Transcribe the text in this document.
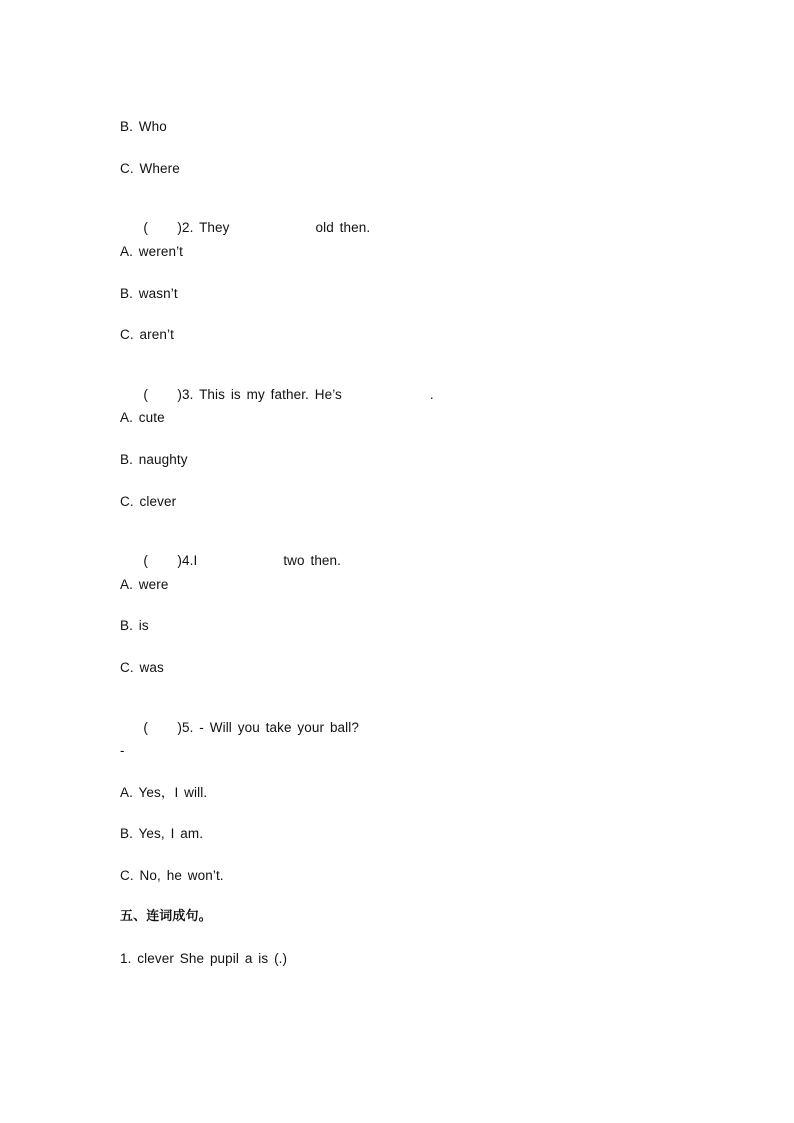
B. Who
C. Where

( )2. They	old then.

A. weren’t
B. wasn’t
C. aren’t

( )3. This is my father. He’s	.

A. cute
B. naughty
C. clever

( )4.I	two then.

A. were
B. is
C. was

( )5. - Will you take your ball?

-
A. Yes，I will.
B. Yes, I am.
C. No, he won’t.
五、连词成句。
1. clever She pupil a is (.)
